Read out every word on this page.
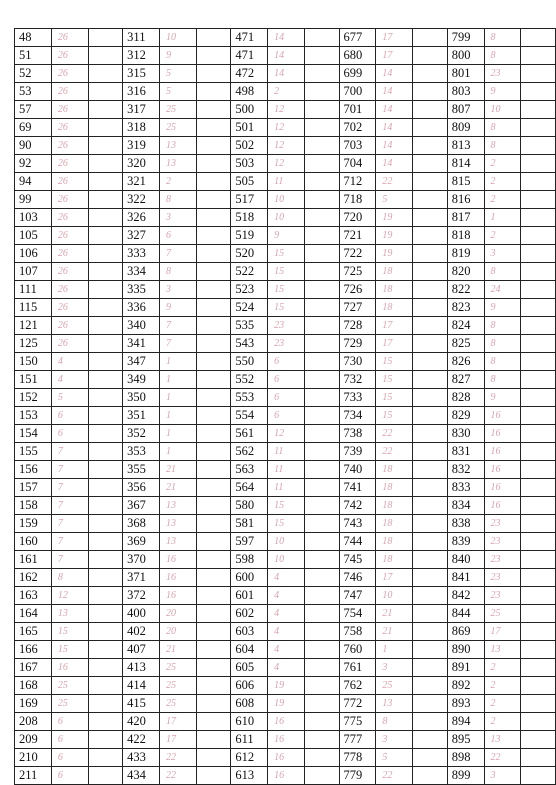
48	26		311	10		471	14		677	17		799	8	
51	26		312	9		471	14		680	17		800	8	
52	26		315	5		472	14		699	14		801	23	
53	26		316	5		498	2		700	14		803	9	
57	26		317	25		500	12		701	14		807	10	
69	26		318	25		501	12		702	14		809	8	
90	26		319	13		502	12		703	14		813	8	
92	26		320	13		503	12		704	14		814	2	
94	26		321	2		505	11		712	22		815	2	
99	26		322	8		517	10		718	5		816	2	
103	26		326	3		518	10		720	19		817	1	
105	26		327	6		519	9		721	19		818	2	
106	26		333	7		520	15		722	19		819	3	
107	26		334	8		522	15		725	18		820	8	
111	26		335	3		523	15		726	18		822	24	
115	26		336	9		524	15		727	18		823	9	
121	26		340	7		535	23		728	17		824	8	
125	26		341	7		543	23		729	17		825	8	
150	4		347	1		550	6		730	15		826	8	
151	4		349	1		552	6		732	15		827	8	
152	5		350	1		553	6		733	15		828	9	
153	6		351	1		554	6		734	15		829	16	
154	6		352	1		561	12		738	22		830	16	
155	7		353	1		562	11		739	22		831	16	
156	7		355	21		563	11		740	18		832	16	
157	7		356	21		564	11		741	18		833	16	
158	7		367	13		580	15		742	18		834	16	
159	7		368	13		581	15		743	18		838	23	
160	7		369	13		597	10		744	18		839	23	
161	7		370	16		598	10		745	18		840	23	
162	8		371	16		600	4		746	17		841	23	
163	12		372	16		601	4		747	10		842	23	
164	13		400	20		602	4		754	21		844	25	
165	15		402	20		603	4		758	21		869	17	
166	15		407	21		604	4		760	1		890	13	
167	16		413	25		605	4		761	3		891	2	
168	25		414	25		606	19		762	25		892	2	
169	25		415	25		608	19		772	13		893	2	
208	6		420	17		610	16		775	8		894	2	
209	6		422	17		611	16		777	3		895	13	
210	6		433	22		612	16		778	5		898	22	
211	6		434	22		613	16		779	22		899	3	
